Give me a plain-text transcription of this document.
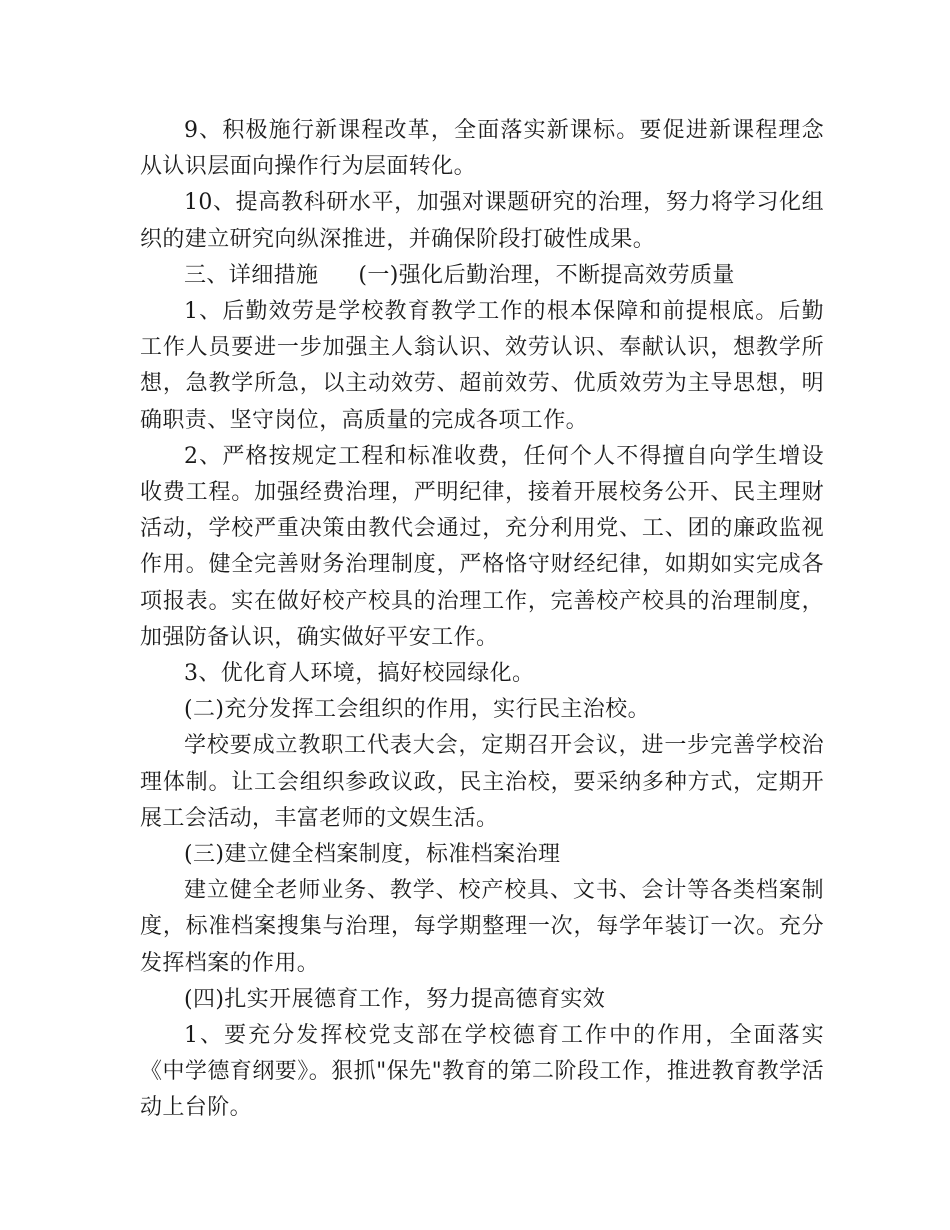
9、积极施行新课程改革，全面落实新课标。要促进新课程理念从认识层面向操作行为层面转化。

10、提高教科研水平，加强对课题研究的治理，努力将学习化组织的建立研究向纵深推进，并确保阶段打破性成果。

三、详细措施 (一)强化后勤治理，不断提高效劳质量

1、后勤效劳是学校教育教学工作的根本保障和前提根底。后勤工作人员要进一步加强主人翁认识、效劳认识、奉献认识，想教学所想，急教学所急，以主动效劳、超前效劳、优质效劳为主导思想，明确职责、坚守岗位，高质量的完成各项工作。

2、严格按规定工程和标准收费，任何个人不得擅自向学生增设收费工程。加强经费治理，严明纪律，接着开展校务公开、民主理财活动，学校严重决策由教代会通过，充分利用党、工、团的廉政监视作用。健全完善财务治理制度，严格恪守财经纪律，如期如实完成各项报表。实在做好校产校具的治理工作，完善校产校具的治理制度，加强防备认识，确实做好平安工作。

3、优化育人环境，搞好校园绿化。

(二)充分发挥工会组织的作用，实行民主治校。

学校要成立教职工代表大会，定期召开会议，进一步完善学校治理体制。让工会组织参政议政，民主治校，要采纳多种方式，定期开展工会活动，丰富老师的文娱生活。

(三)建立健全档案制度，标准档案治理

建立健全老师业务、教学、校产校具、文书、会计等各类档案制度，标准档案搜集与治理，每学期整理一次，每学年装订一次。充分发挥档案的作用。

(四)扎实开展德育工作，努力提高德育实效

1、要充分发挥校党支部在学校德育工作中的作用，全面落实《中学德育纲要》。狠抓"保先"教育的第二阶段工作，推进教育教学活动上台阶。
